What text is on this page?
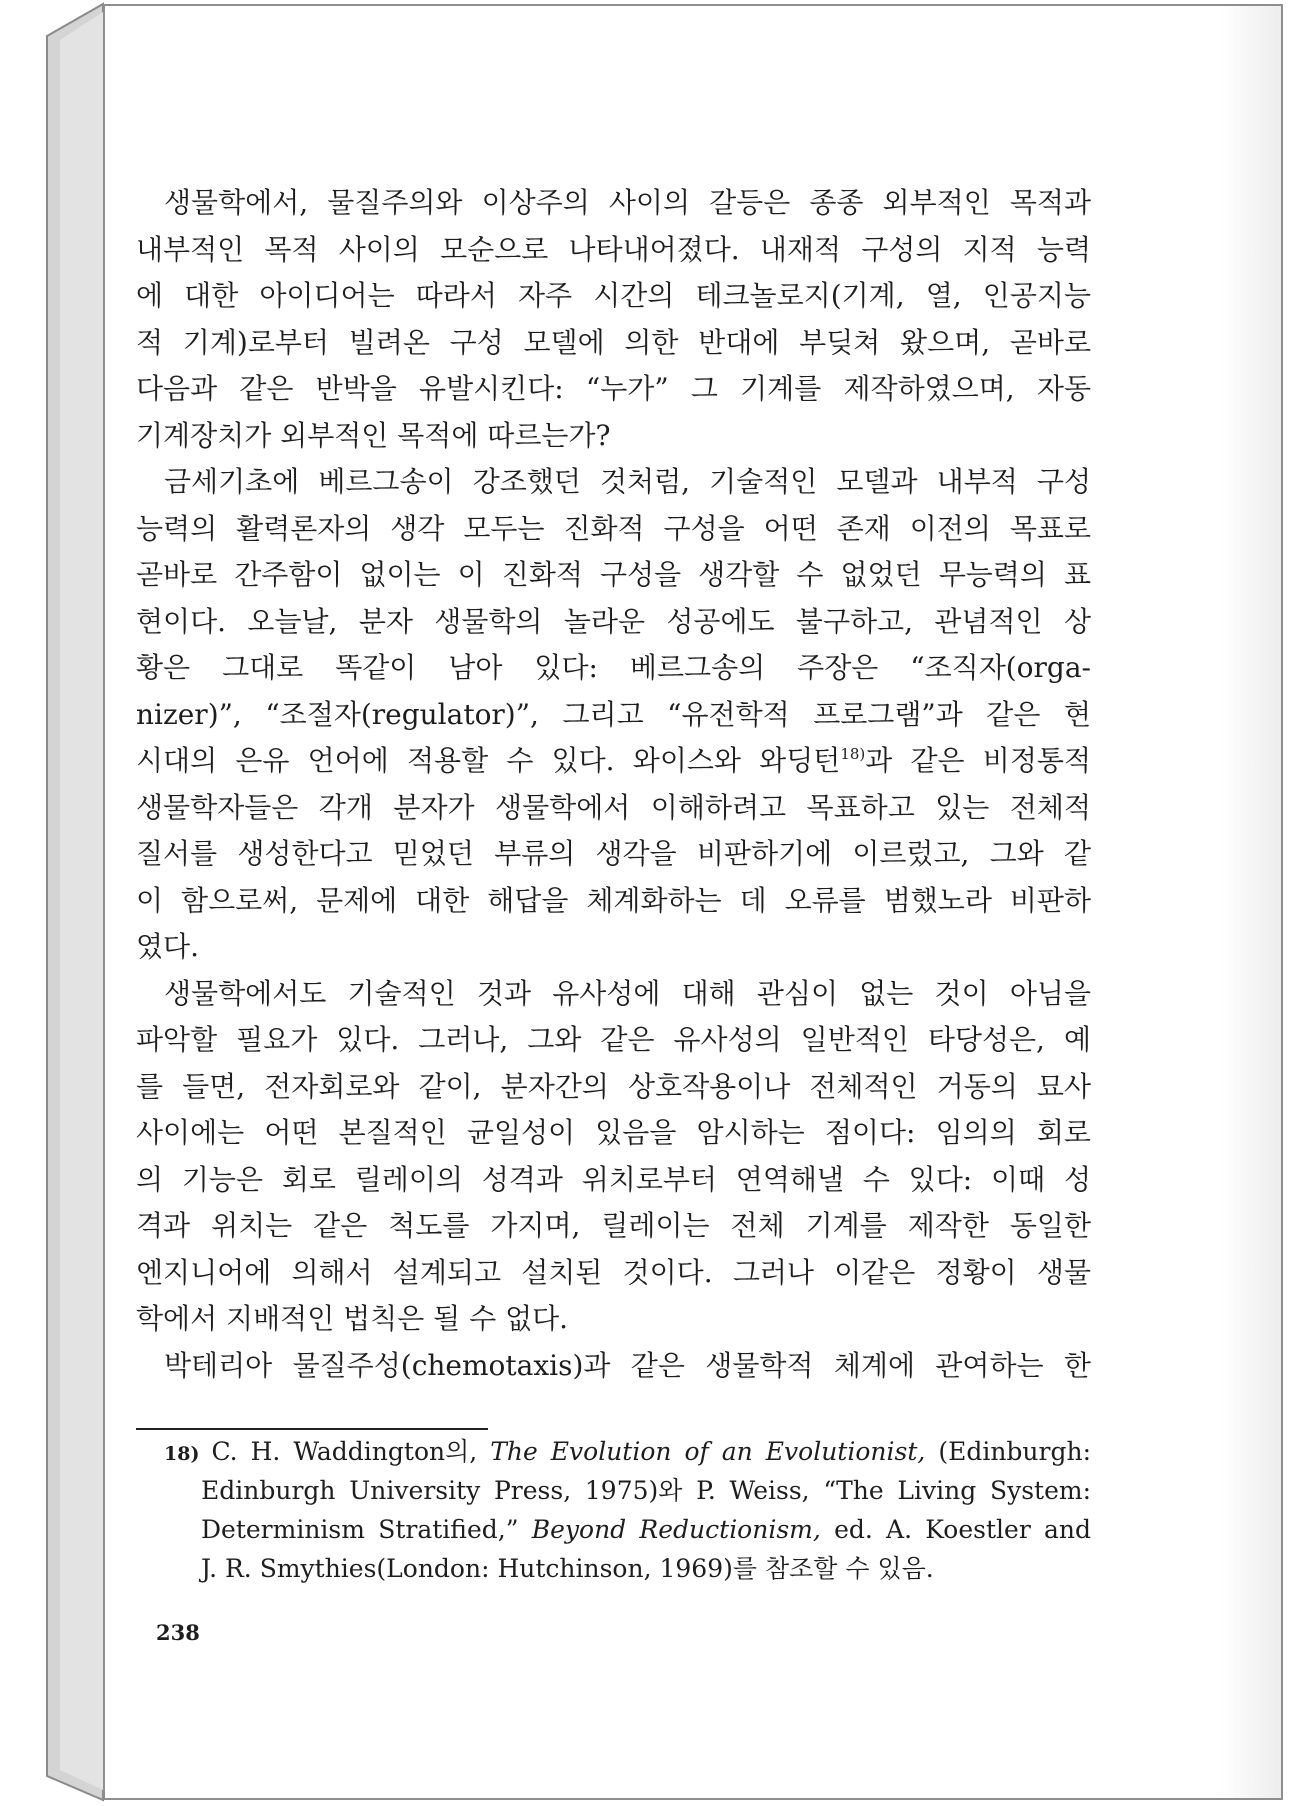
생물학에서, 물질주의와 이상주의 사이의 갈등은 종종 외부적인 목적과
내부적인 목적 사이의 모순으로 나타내어졌다. 내재적 구성의 지적 능력
에 대한 아이디어는 따라서 자주 시간의 테크놀로지(기계, 열, 인공지능
적 기계)로부터 빌려온 구성 모델에 의한 반대에 부딪쳐 왔으며, 곧바로
다음과 같은 반박을 유발시킨다: “누가” 그 기계를 제작하였으며, 자동
기계장치가 외부적인 목적에 따르는가?
금세기초에 베르그송이 강조했던 것처럼, 기술적인 모델과 내부적 구성
능력의 활력론자의 생각 모두는 진화적 구성을 어떤 존재 이전의 목표로
곧바로 간주함이 없이는 이 진화적 구성을 생각할 수 없었던 무능력의 표
현이다. 오늘날, 분자 생물학의 놀라운 성공에도 불구하고, 관념적인 상
황은 그대로 똑같이 남아 있다: 베르그송의 주장은 “조직자(orga-
nizer)”, “조절자(regulator)”, 그리고 “유전학적 프로그램”과 같은 현
시대의 은유 언어에 적용할 수 있다. 와이스와 와딩턴$^{18)}$과 같은 비정통적
생물학자들은 각개 분자가 생물학에서 이해하려고 목표하고 있는 전체적
질서를 생성한다고 믿었던 부류의 생각을 비판하기에 이르렀고, 그와 같
이 함으로써, 문제에 대한 해답을 체계화하는 데 오류를 범했노라 비판하
였다.
생물학에서도 기술적인 것과 유사성에 대해 관심이 없는 것이 아님을
파악할 필요가 있다. 그러나, 그와 같은 유사성의 일반적인 타당성은, 예
를 들면, 전자회로와 같이, 분자간의 상호작용이나 전체적인 거동의 묘사
사이에는 어떤 본질적인 균일성이 있음을 암시하는 점이다: 임의의 회로
의 기능은 회로 릴레이의 성격과 위치로부터 연역해낼 수 있다: 이때 성
격과 위치는 같은 척도를 가지며, 릴레이는 전체 기계를 제작한 동일한
엔지니어에 의해서 설계되고 설치된 것이다. 그러나 이같은 정황이 생물
학에서 지배적인 법칙은 될 수 없다.
박테리아 물질주성(chemotaxis)과 같은 생물학적 체계에 관여하는 한
18) C. H. Waddington의, The Evolution of an Evolutionist, (Edinburgh:
Edinburgh University Press, 1975)와 P. Weiss, “The Living System:
Determinism Stratified,” Beyond Reductionism, ed. A. Koestler and
J. R. Smythies(London: Hutchinson, 1969)를 참조할 수 있음.
238
